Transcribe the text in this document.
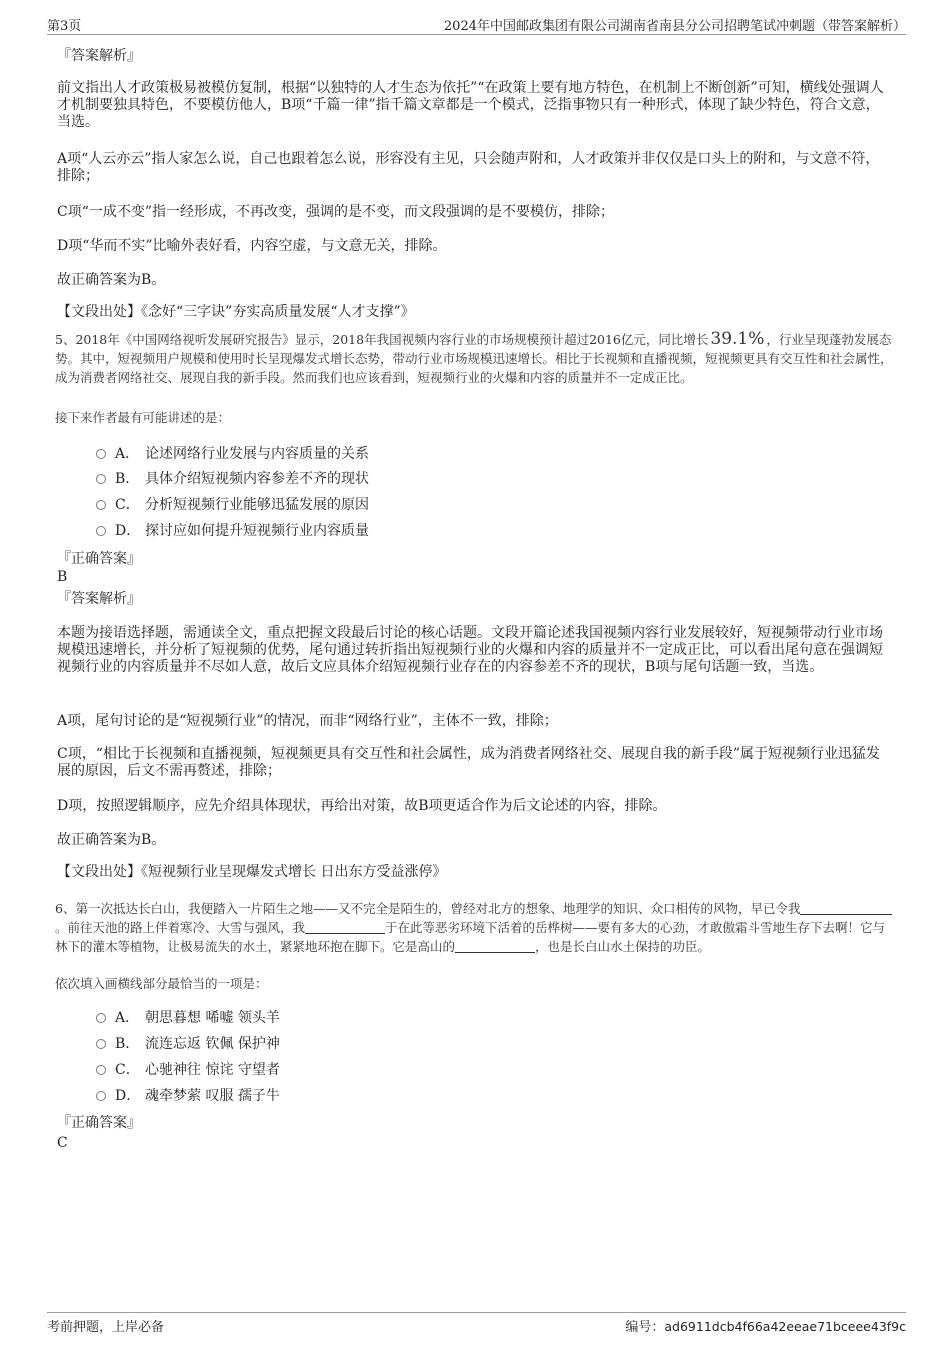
第3页	2024年中国邮政集团有限公司湖南省南县分公司招聘笔试冲刺题（带答案解析）
『答案解析』
前文指出人才政策极易被模仿复制，根据“以独特的人才生态为依托”“在政策上要有地方特色，在机制上不断创新”可知，横线处强调人才机制要独具特色，不要模仿他人，B项“千篇一律”指千篇文章都是一个模式，泛指事物只有一种形式，体现了缺少特色，符合文意，当选。
A项“人云亦云”指人家怎么说，自己也跟着怎么说，形容没有主见，只会随声附和，人才政策并非仅仅是口头上的附和，与文意不符，排除；
C项“一成不变”指一经形成，不再改变，强调的是不变，而文段强调的是不要模仿，排除；
D项“华而不实”比喻外表好看，内容空虚，与文意无关，排除。
故正确答案为B。
【文段出处】《念好“三字诀”夯实高质量发展“人才支撑”》
5、2018年《中国网络视听发展研究报告》显示，2018年我国视频内容行业的市场规模预计超过2016亿元，同比增长 39.1% ，行业呈现蓬勃发展态势。其中，短视频用户规模和使用时长呈现爆发式增长态势，带动行业市场规模迅速增长。相比于长视频和直播视频，短视频更具有交互性和社会属性，成为消费者网络社交、展现自我的新手段。然而我们也应该看到，短视频行业的火爆和内容的质量并不一定成正比。
接下来作者最有可能讲述的是：
A． 论述网络行业发展与内容质量的关系
B． 具体介绍短视频内容参差不齐的现状
C． 分析短视频行业能够迅猛发展的原因
D． 探讨应如何提升短视频行业内容质量
『正确答案』
B
『答案解析』
本题为接语选择题，需通读全文，重点把握文段最后讨论的核心话题。文段开篇论述我国视频内容行业发展较好，短视频带动行业市场规模迅速增长，并分析了短视频的优势，尾句通过转折指出短视频行业的火爆和内容的质量并不一定成正比，可以看出尾句意在强调短视频行业的内容质量并不尽如人意，故后文应具体介绍短视频行业存在的内容参差不齐的现状，B项与尾句话题一致，当选。
A项，尾句讨论的是“短视频行业”的情况，而非“网络行业”，主体不一致，排除；
C项，“相比于长视频和直播视频，短视频更具有交互性和社会属性，成为消费者网络社交、展现自我的新手段”属于短视频行业迅猛发展的原因，后文不需再赘述，排除；
D项，按照逻辑顺序，应先介绍具体现状，再给出对策，故B项更适合作为后文论述的内容，排除。
故正确答案为B。
【文段出处】《短视频行业呈现爆发式增长 日出东方受益涨停》
6、第一次抵达长白山，我便踏入一片陌生之地——又不完全是陌生的，曾经对北方的想象、地理学的知识、众口相传的风物，早已令我。前往天池的路上伴着寒冷、大雪与强风，我	于在此等恶劣环境下活着的岳桦树——要有多大的心劲，才敢傲霜斗雪地生存下去啊！它与林下的灌木等植物，让极易流失的水土，紧紧地环抱在脚下。它是高山的	，也是长白山水土保持的功臣。
依次填入画横线部分最恰当的一项是：
A． 朝思暮想 唏嘘 领头羊
B． 流连忘返 钦佩 保护神
C． 心驰神往 惊诧 守望者
D． 魂牵梦萦 叹服 孺子牛
『正确答案』
C
考前押题，上岸必备	编号：ad6911dcb4f66a42eeae71bceee43f9c
